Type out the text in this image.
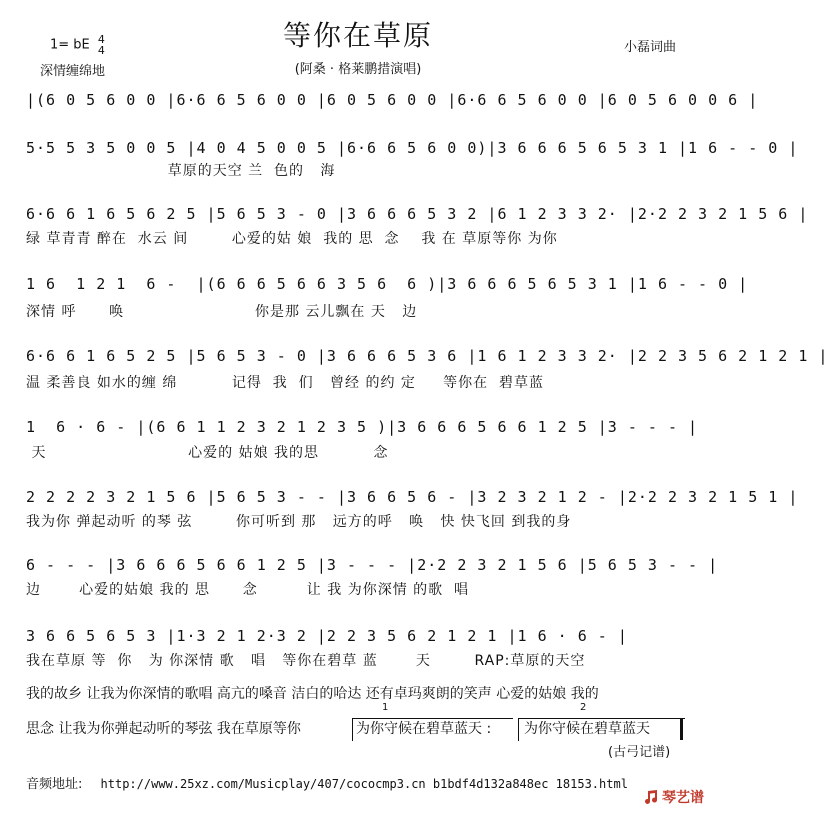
等你在草原
(阿桑 · 格莱鹏措演唱)
1= bE 4
4
深情缠绵地
小磊词曲
|(6 0 5 6 0 0 |6·6 6 5 6 0 0 |6 0 5 6 0 0 |6·6 6 5 6 0 0 |6 0 5 6 0 0 6 |
5·5 5 3 5 0 0 5 |4 0 4 5 0 0 5 |6·6 6 5 6 0 0)|3 6 6 6 5 6 5 3 1 |1 6 - - 0 |
草原的天空 兰  色的   海
6·6 6 1 6 5 6 2 5 |5 6 5 3 - 0 |3 6 6 6 5 3 2 |6 1 2 3 3 2· |2·2 2 3 2 1 5 6 |
绿 草青青 醉在  水云 间        心爱的姑 娘  我的 思  念    我 在 草原等你 为你
1 6  1 2 1  6 -  |(6 6 6 5 6 6 3 5 6  6 )|3 6 6 6 5 6 5 3 1 |1 6 - - 0 |
深情 呼      唤                        你是那 云儿飘在 天   边
6·6 6 1 6 5 2 5 |5 6 5 3 - 0 |3 6 6 6 5 3 6 |1 6 1 2 3 3 2· |2 2 3 5 6 2 1 2 1 |
温 柔善良 如水的缠 绵          记得  我  们   曾经 的约 定     等你在  碧草蓝
1  6 · 6 - |(6 6 1 1 2 3 2 1 2 3 5 )|3 6 6 6 5 6 6 1 2 5 |3 - - - |
天                          心爱的 姑娘 我的思          念
2 2 2 2 3 2 1 5 6 |5 6 5 3 - - |3 6 6 5 6 - |3 2 3 2 1 2 - |2·2 2 3 2 1 5 1 |
我为你 弹起动听 的琴 弦        你可听到 那   远方的呼   唤   快 快飞回 到我的身
6 - - - |3 6 6 6 5 6 6 1 2 5 |3 - - - |2·2 2 3 2 1 5 6 |5 6 5 3 - - |
边       心爱的姑娘 我的 思      念         让 我 为你深情 的歌  唱
3 6 6 5 6 5 3 |1·3 2 1 2·3 2 |2 2 3 5 6 2 1 2 1 |1 6 · 6 - |
我在草原 等  你   为 你深情 歌   唱   等你在碧草 蓝       天        RAP:草原的天空
我的故乡 让我为你深情的歌唱 高亢的嗓音 洁白的哈达 还有卓玛爽朗的笑声 心爱的姑娘 我的
思念 让我为你弹起动听的琴弦 我在草原等你
1
为你守候在碧草蓝天 :
2
为你守候在碧草蓝天
(古弓记谱)
音频地址: http://www.25xz.com/Musicplay/407/cococmp3.cn b1bdf4d132a848ec 18153.html
琴艺谱
